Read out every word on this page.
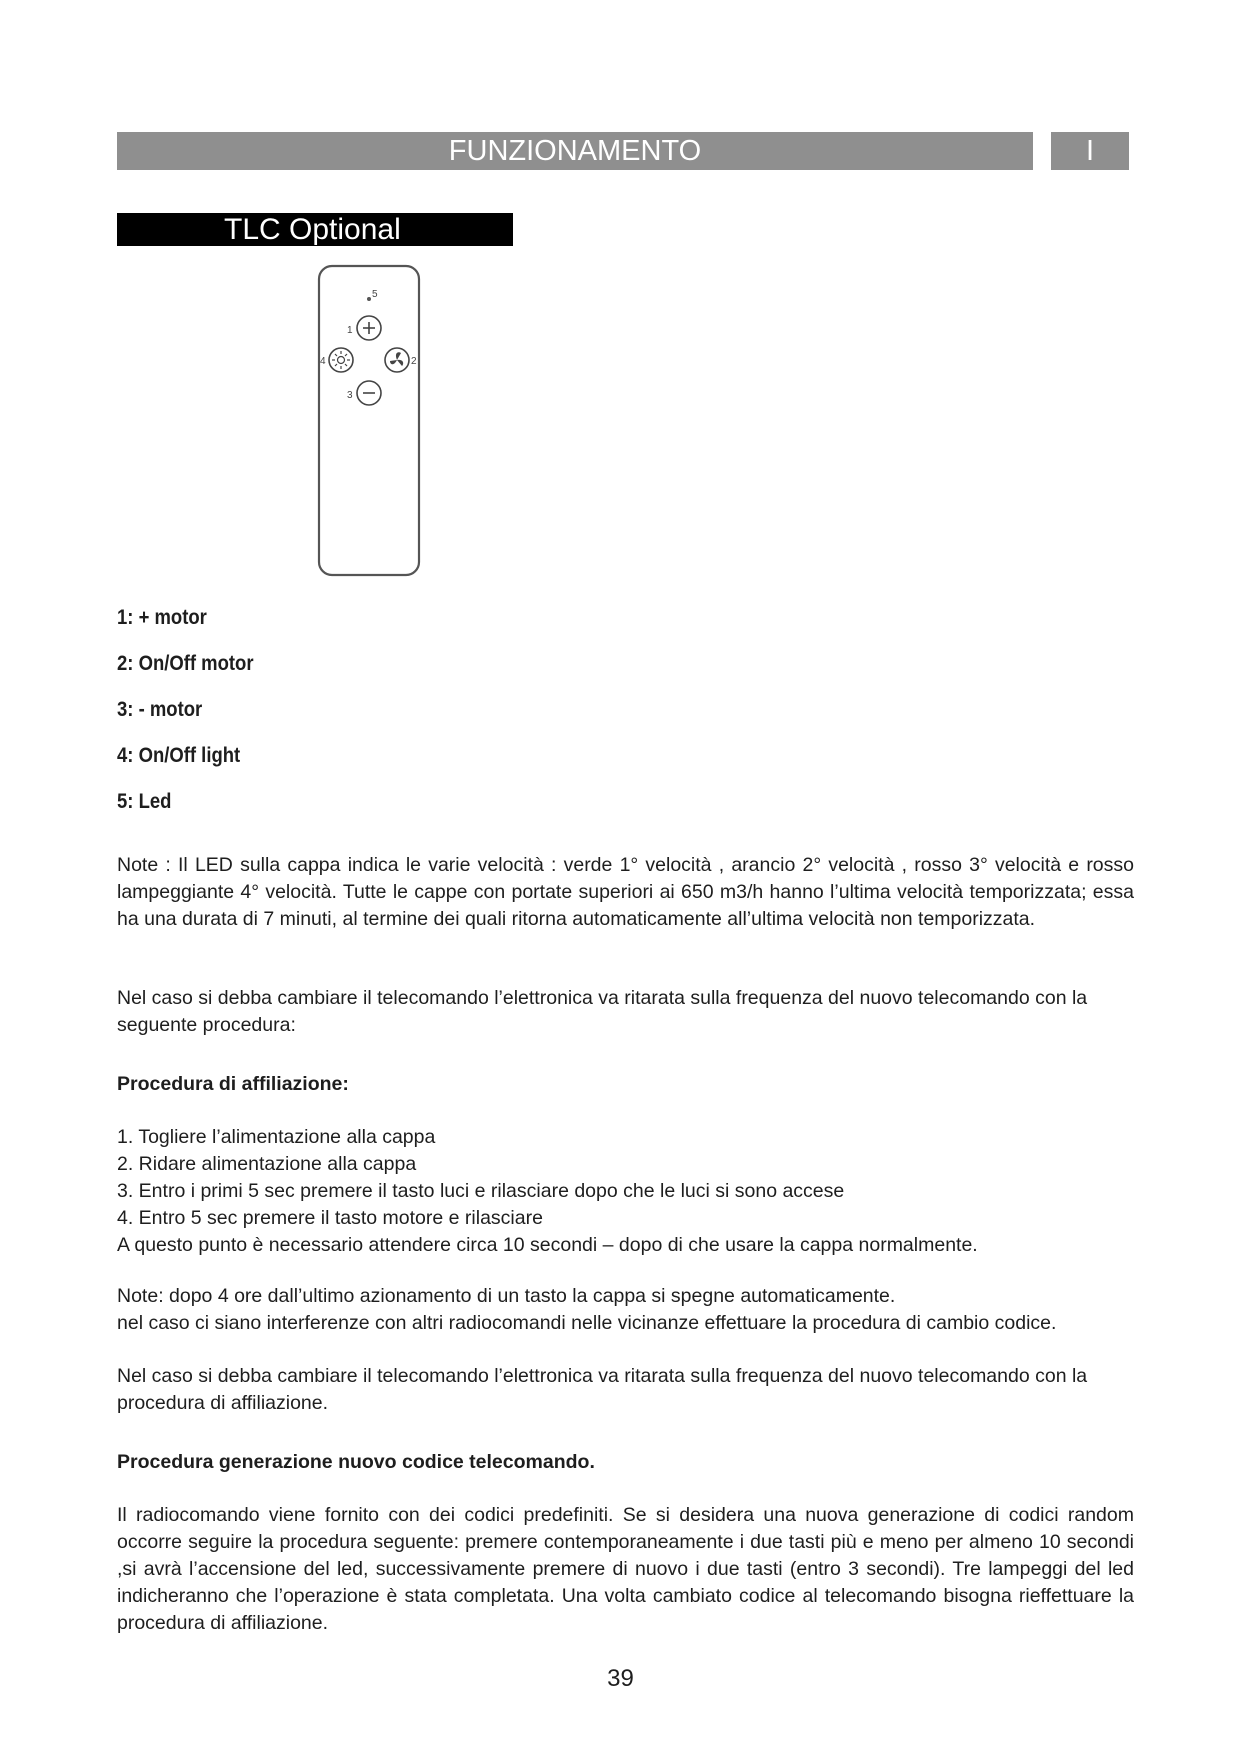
FUNZIONAMENTO	I
TLC Optional
5
1
4	2
3
1: + motor
2: On/Off motor
3: - motor
4: On/Off light
5: Led
Note : Il LED sulla cappa indica le varie velocità : verde 1° velocità , arancio 2° velocità , rosso 3° velocità e rosso lampeggiante 4° velocità. Tutte le cappe con portate superiori ai 650 m3/h hanno l’ultima velocità temporizzata; essa ha una durata di 7 minuti, al termine dei quali ritorna automaticamente all’ultima velocità non temporizzata.
Nel caso si debba cambiare il telecomando l’elettronica va ritarata sulla frequenza del nuovo telecomando con la seguente procedura:
Procedura di affiliazione:
1. Togliere l’alimentazione alla cappa
2. Ridare alimentazione alla cappa
3. Entro i primi 5 sec premere il tasto luci e rilasciare dopo che le luci si sono accese
4. Entro 5 sec premere il tasto motore e rilasciare
A questo punto è necessario attendere circa 10 secondi – dopo di che usare la cappa normalmente.
Note: dopo 4 ore dall’ultimo azionamento di un tasto la cappa si spegne automaticamente.
nel caso ci siano interferenze con altri radiocomandi nelle vicinanze effettuare la procedura di cambio codice.
Nel caso si debba cambiare il telecomando l’elettronica va ritarata sulla frequenza del nuovo telecomando con la procedura di affiliazione.
Procedura generazione nuovo codice telecomando.
Il radiocomando viene fornito con dei codici predefiniti. Se si desidera una nuova generazione di codici random occorre seguire la procedura seguente: premere contemporaneamente i due tasti più e meno per almeno 10 secondi ,si avrà l’accensione del led, successivamente premere di nuovo i due tasti (entro 3 secondi). Tre lampeggi del led indicheranno che l’operazione è stata completata. Una volta cambiato codice al telecomando bisogna rieffettuare la procedura di affiliazione.
39
